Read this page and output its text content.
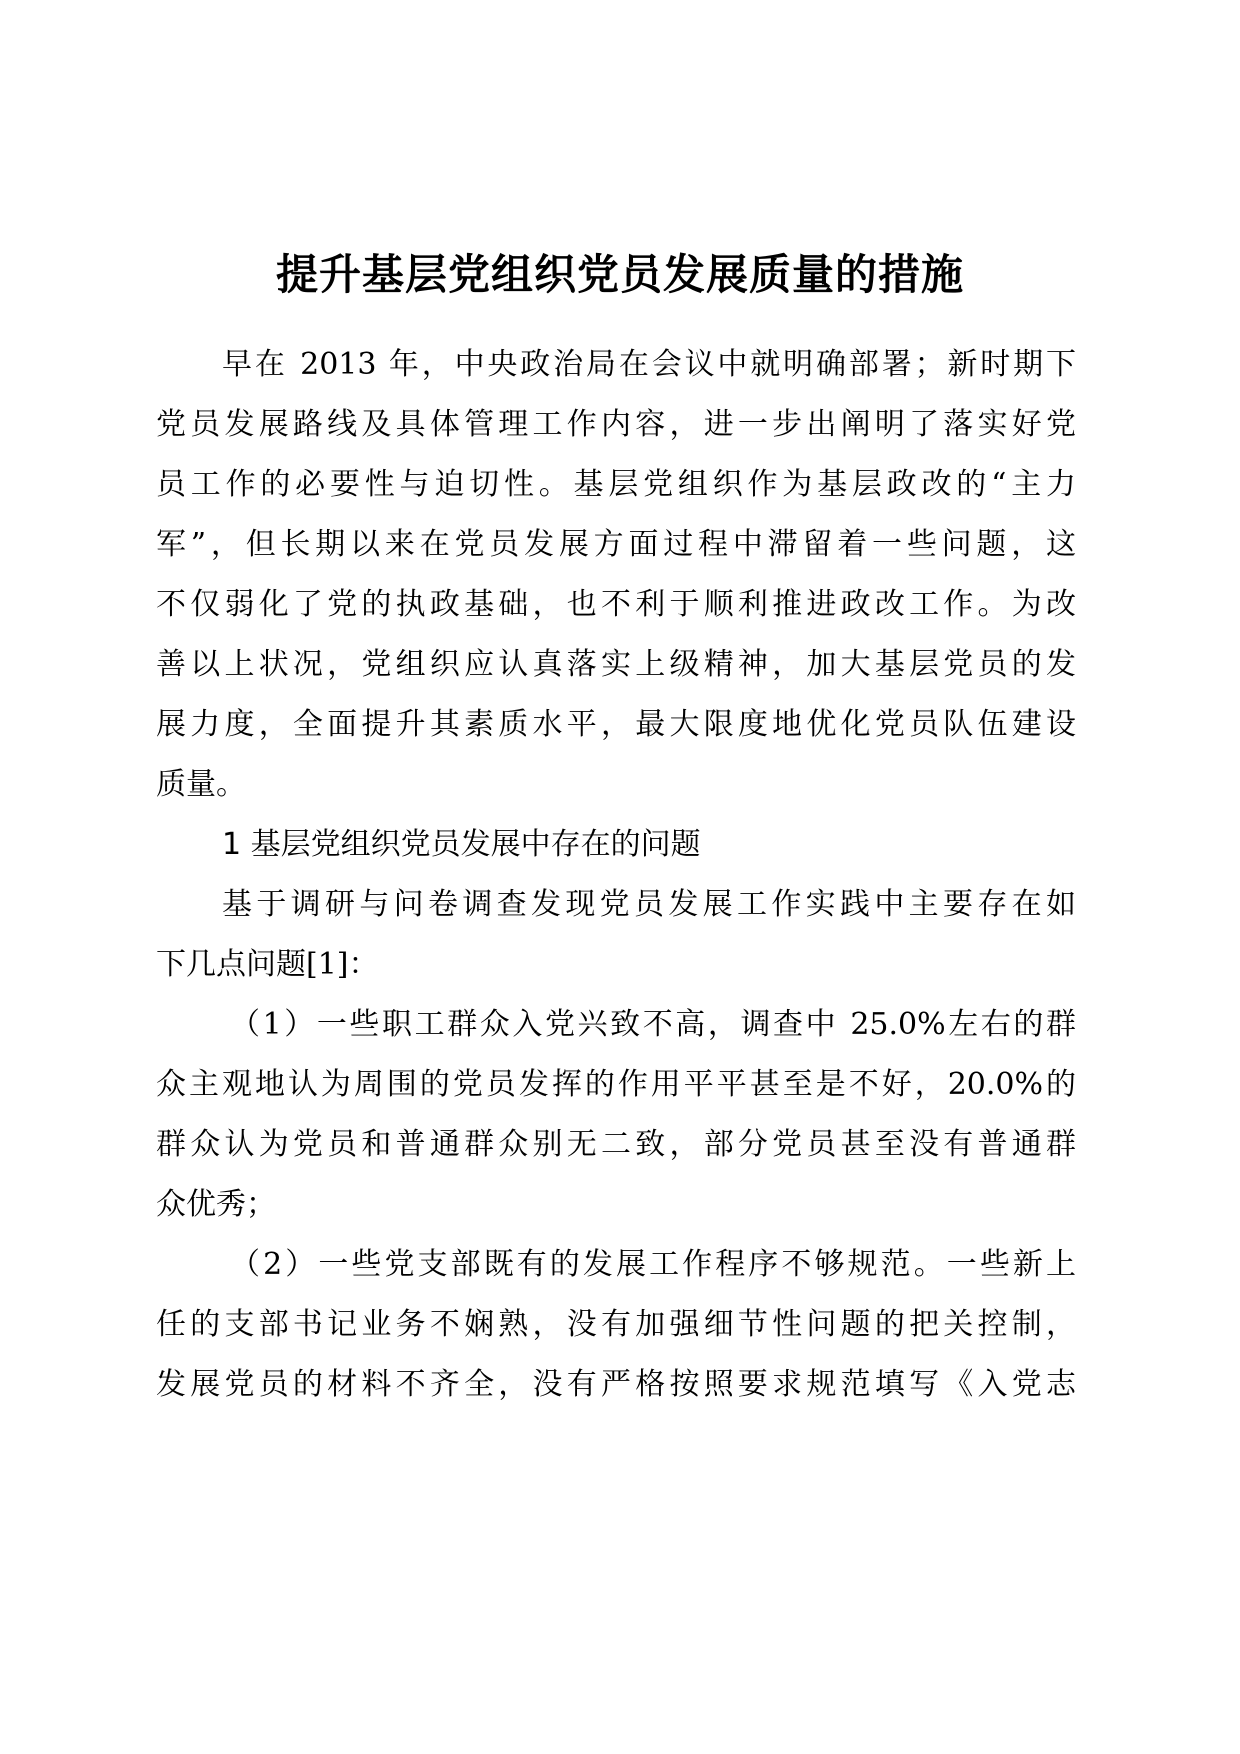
提升基层党组织党员发展质量的措施
早在 2013 年，中央政治局在会议中就明确部署；新时期下
党员发展路线及具体管理工作内容，进一步出阐明了落实好党
员工作的必要性与迫切性。基层党组织作为基层政改的“主力
军”，但长期以来在党员发展方面过程中滞留着一些问题，这
不仅弱化了党的执政基础，也不利于顺利推进政改工作。为改
善以上状况，党组织应认真落实上级精神，加大基层党员的发
展力度，全面提升其素质水平，最大限度地优化党员队伍建设
质量。
1 基层党组织党员发展中存在的问题
基于调研与问卷调查发现党员发展工作实践中主要存在如
下几点问题[1]：
（1）一些职工群众入党兴致不高，调查中 25.0%左右的群
众主观地认为周围的党员发挥的作用平平甚至是不好，20.0%的
群众认为党员和普通群众别无二致，部分党员甚至没有普通群
众优秀；
（2）一些党支部既有的发展工作程序不够规范。一些新上
任的支部书记业务不娴熟，没有加强细节性问题的把关控制，
发展党员的材料不齐全，没有严格按照要求规范填写《入党志
